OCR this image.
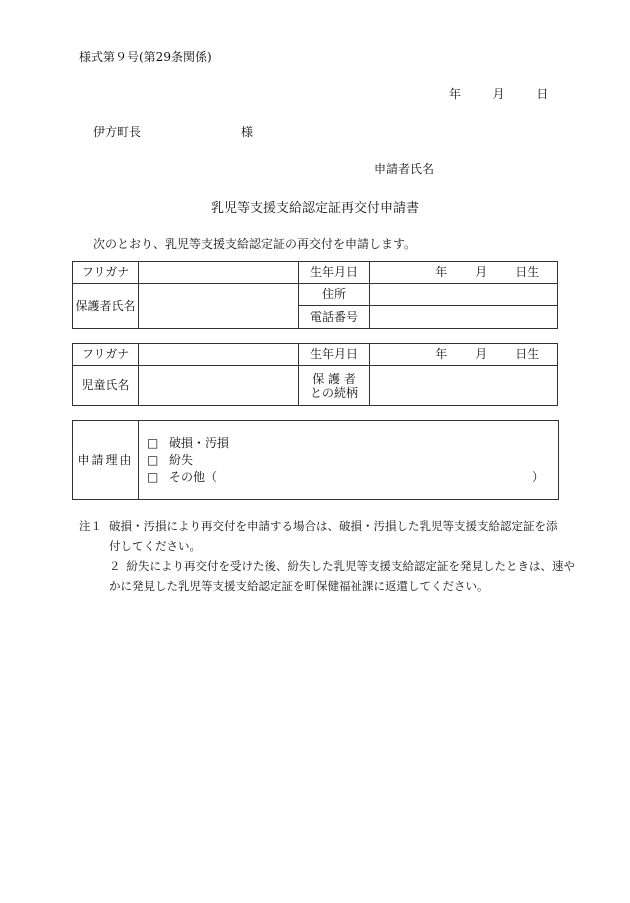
様式第９号(第29条関係)
年	月	日
伊方町長	様
申請者氏名
乳児等支援支給認定証再交付申請書
次のとおり、乳児等支援支給認定証の再交付を申請します。
フリガナ		生年月日	年 月 日生
保護者氏名		住所	
		電話番号	
フリガナ		生年月日	年 月 日生
児童氏名		保 護 者
との続柄	

申請理由	
□ 破損・汚損
□ 紛失
□ その他（	）
注１ 破損・汚損により再交付を申請する場合は、破損・汚損した乳児等支援支給認定証を添
付してください。
２ 紛失により再交付を受けた後、紛失した乳児等支援支給認定証を発見したときは、速や
かに発見した乳児等支援支給認定証を町保健福祉課に返還してください。
